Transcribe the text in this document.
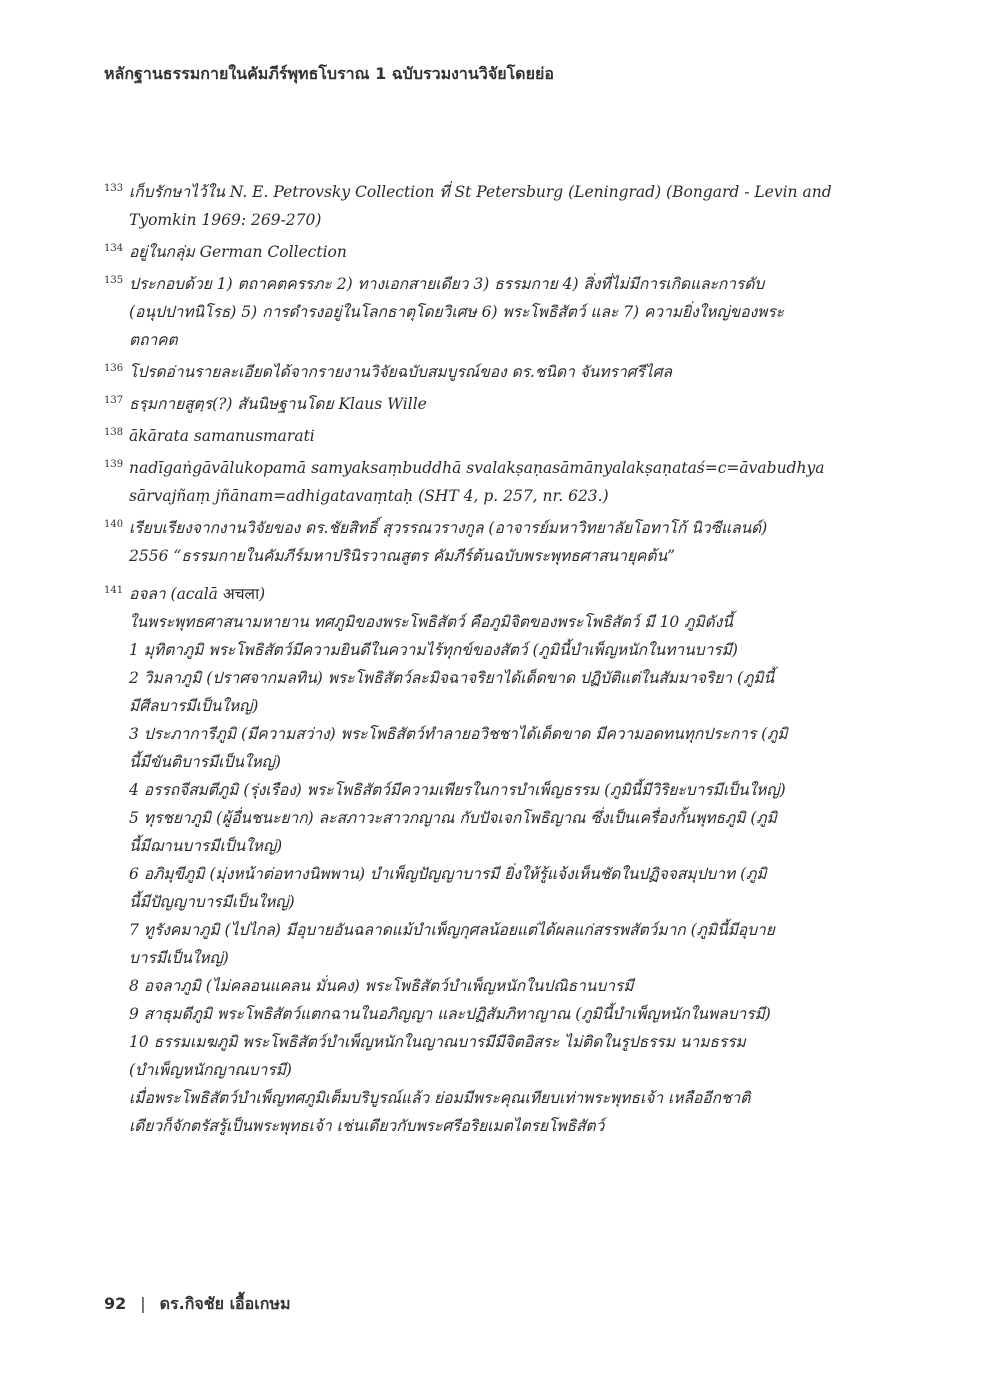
หลักฐานธรรมกายในคัมภีร์พุทธโบราณ 1 ฉบับรวมงานวิจัยโดยย่อ
133 เก็บรักษาไว้ใน N. E. Petrovsky Collection ที่ St Petersburg (Leningrad) (Bongard - Levin and
Tyomkin 1969: 269-270)
134 อยู่ในกลุ่ม German Collection
135 ประกอบด้วย 1) ตถาคตครรภะ 2) ทางเอกสายเดียว 3) ธรรมกาย 4) สิ่งที่ไม่มีการเกิดและการดับ
(อนุปปาทนิโรธ) 5) การดำรงอยู่ในโลกธาตุโดยวิเศษ 6) พระโพธิสัตว์ และ 7) ความยิ่งใหญ่ของพระ
ตถาคต
136 โปรดอ่านรายละเอียดได้จากรายงานวิจัยฉบับสมบูรณ์ของ ดร.ชนิดา จันทราศรีไศล
137 ธรฺมกายสูตฺร(?) สันนิษฐานโดย Klaus Wille
138 ākārata samanusmarati
139 nadīgaṅgāvālukopamā samyaksaṃbuddhā svalakṣaṇasāmānyalakṣaṇataś=c=āvabudhya
sārvajñaṃ jñānam=adhigatavaṃtaḥ (SHT 4, p. 257, nr. 623.)
140 เรียบเรียงจากงานวิจัยของ ดร.ชัยสิทธิ์ สุวรรณวรางกูล (อาจารย์มหาวิทยาลัยโอทาโก้ นิวซีแลนด์)
2556 “ธรรมกายในคัมภีร์มหาปรินิรวาณสูตร คัมภีร์ต้นฉบับพระพุทธศาสนายุคต้น”
141 อจลา (acalā अचला)
ในพระพุทธศาสนามหายาน ทศภูมิของพระโพธิสัตว์ คือภูมิจิตของพระโพธิสัตว์ มี 10 ภูมิดังนี้
1 มุทิตาภูมิ พระโพธิสัตว์มีความยินดีในความไร้ทุกข์ของสัตว์ (ภูมินี้บำเพ็ญหนักในทานบารมี)
2 วิมลาภูมิ (ปราศจากมลทิน) พระโพธิสัตว์ละมิจฉาจริยาได้เด็ดขาด ปฏิบัติแต่ในสัมมาจริยา (ภูมินี้
มีศีลบารมีเป็นใหญ่)
3 ประภาการีภูมิ (มีความสว่าง) พระโพธิสัตว์ทำลายอวิชชาได้เด็ดขาด มีความอดทนทุกประการ (ภูมิ
นี้มีขันติบารมีเป็นใหญ่)
4 อรรถจีสมตีภูมิ (รุ่งเรือง) พระโพธิสัตว์มีความเพียรในการบำเพ็ญธรรม (ภูมินี้มีวิริยะบารมีเป็นใหญ่)
5 ทุรชยาภูมิ (ผู้อื่นชนะยาก) ละสภาวะสาวกญาณ กับปัจเจกโพธิญาณ ซึ่งเป็นเครื่องกั้นพุทธภูมิ (ภูมิ
นี้มีฌานบารมีเป็นใหญ่)
6 อภิมุขีภูมิ (มุ่งหน้าต่อทางนิพพาน) บำเพ็ญปัญญาบารมี ยิ่งให้รู้แจ้งเห็นชัดในปฏิจจสมุปบาท (ภูมิ
นี้มีปัญญาบารมีเป็นใหญ่)
7 ทูรังคมาภูมิ (ไปไกล) มีอุบายอันฉลาดแม้บำเพ็ญกุศลน้อยแต่ได้ผลแก่สรรพสัตว์มาก (ภูมินี้มีอุบาย
บารมีเป็นใหญ่)
8 อจลาภูมิ (ไม่คลอนแคลน มั่นคง) พระโพธิสัตว์บำเพ็ญหนักในปณิธานบารมี
9 สาธุมดีภูมิ พระโพธิสัตว์แตกฉานในอภิญญา และปฏิสัมภิทาญาณ (ภูมินี้บำเพ็ญหนักในพลบารมี)
10 ธรรมเมฆภูมิ พระโพธิสัตว์บำเพ็ญหนักในญาณบารมีมีจิตอิสระ ไม่ติดในรูปธรรม นามธรรม
(บำเพ็ญหนักญาณบารมี)
เมื่อพระโพธิสัตว์บำเพ็ญทศภูมิเต็มบริบูรณ์แล้ว ย่อมมีพระคุณเทียบเท่าพระพุทธเจ้า เหลืออีกชาติ
เดียวก็จักตรัสรู้เป็นพระพุทธเจ้า เช่นเดียวกับพระศรีอริยเมตไตรยโพธิสัตว์
92 | ดร.กิจชัย เอื้อเกษม
